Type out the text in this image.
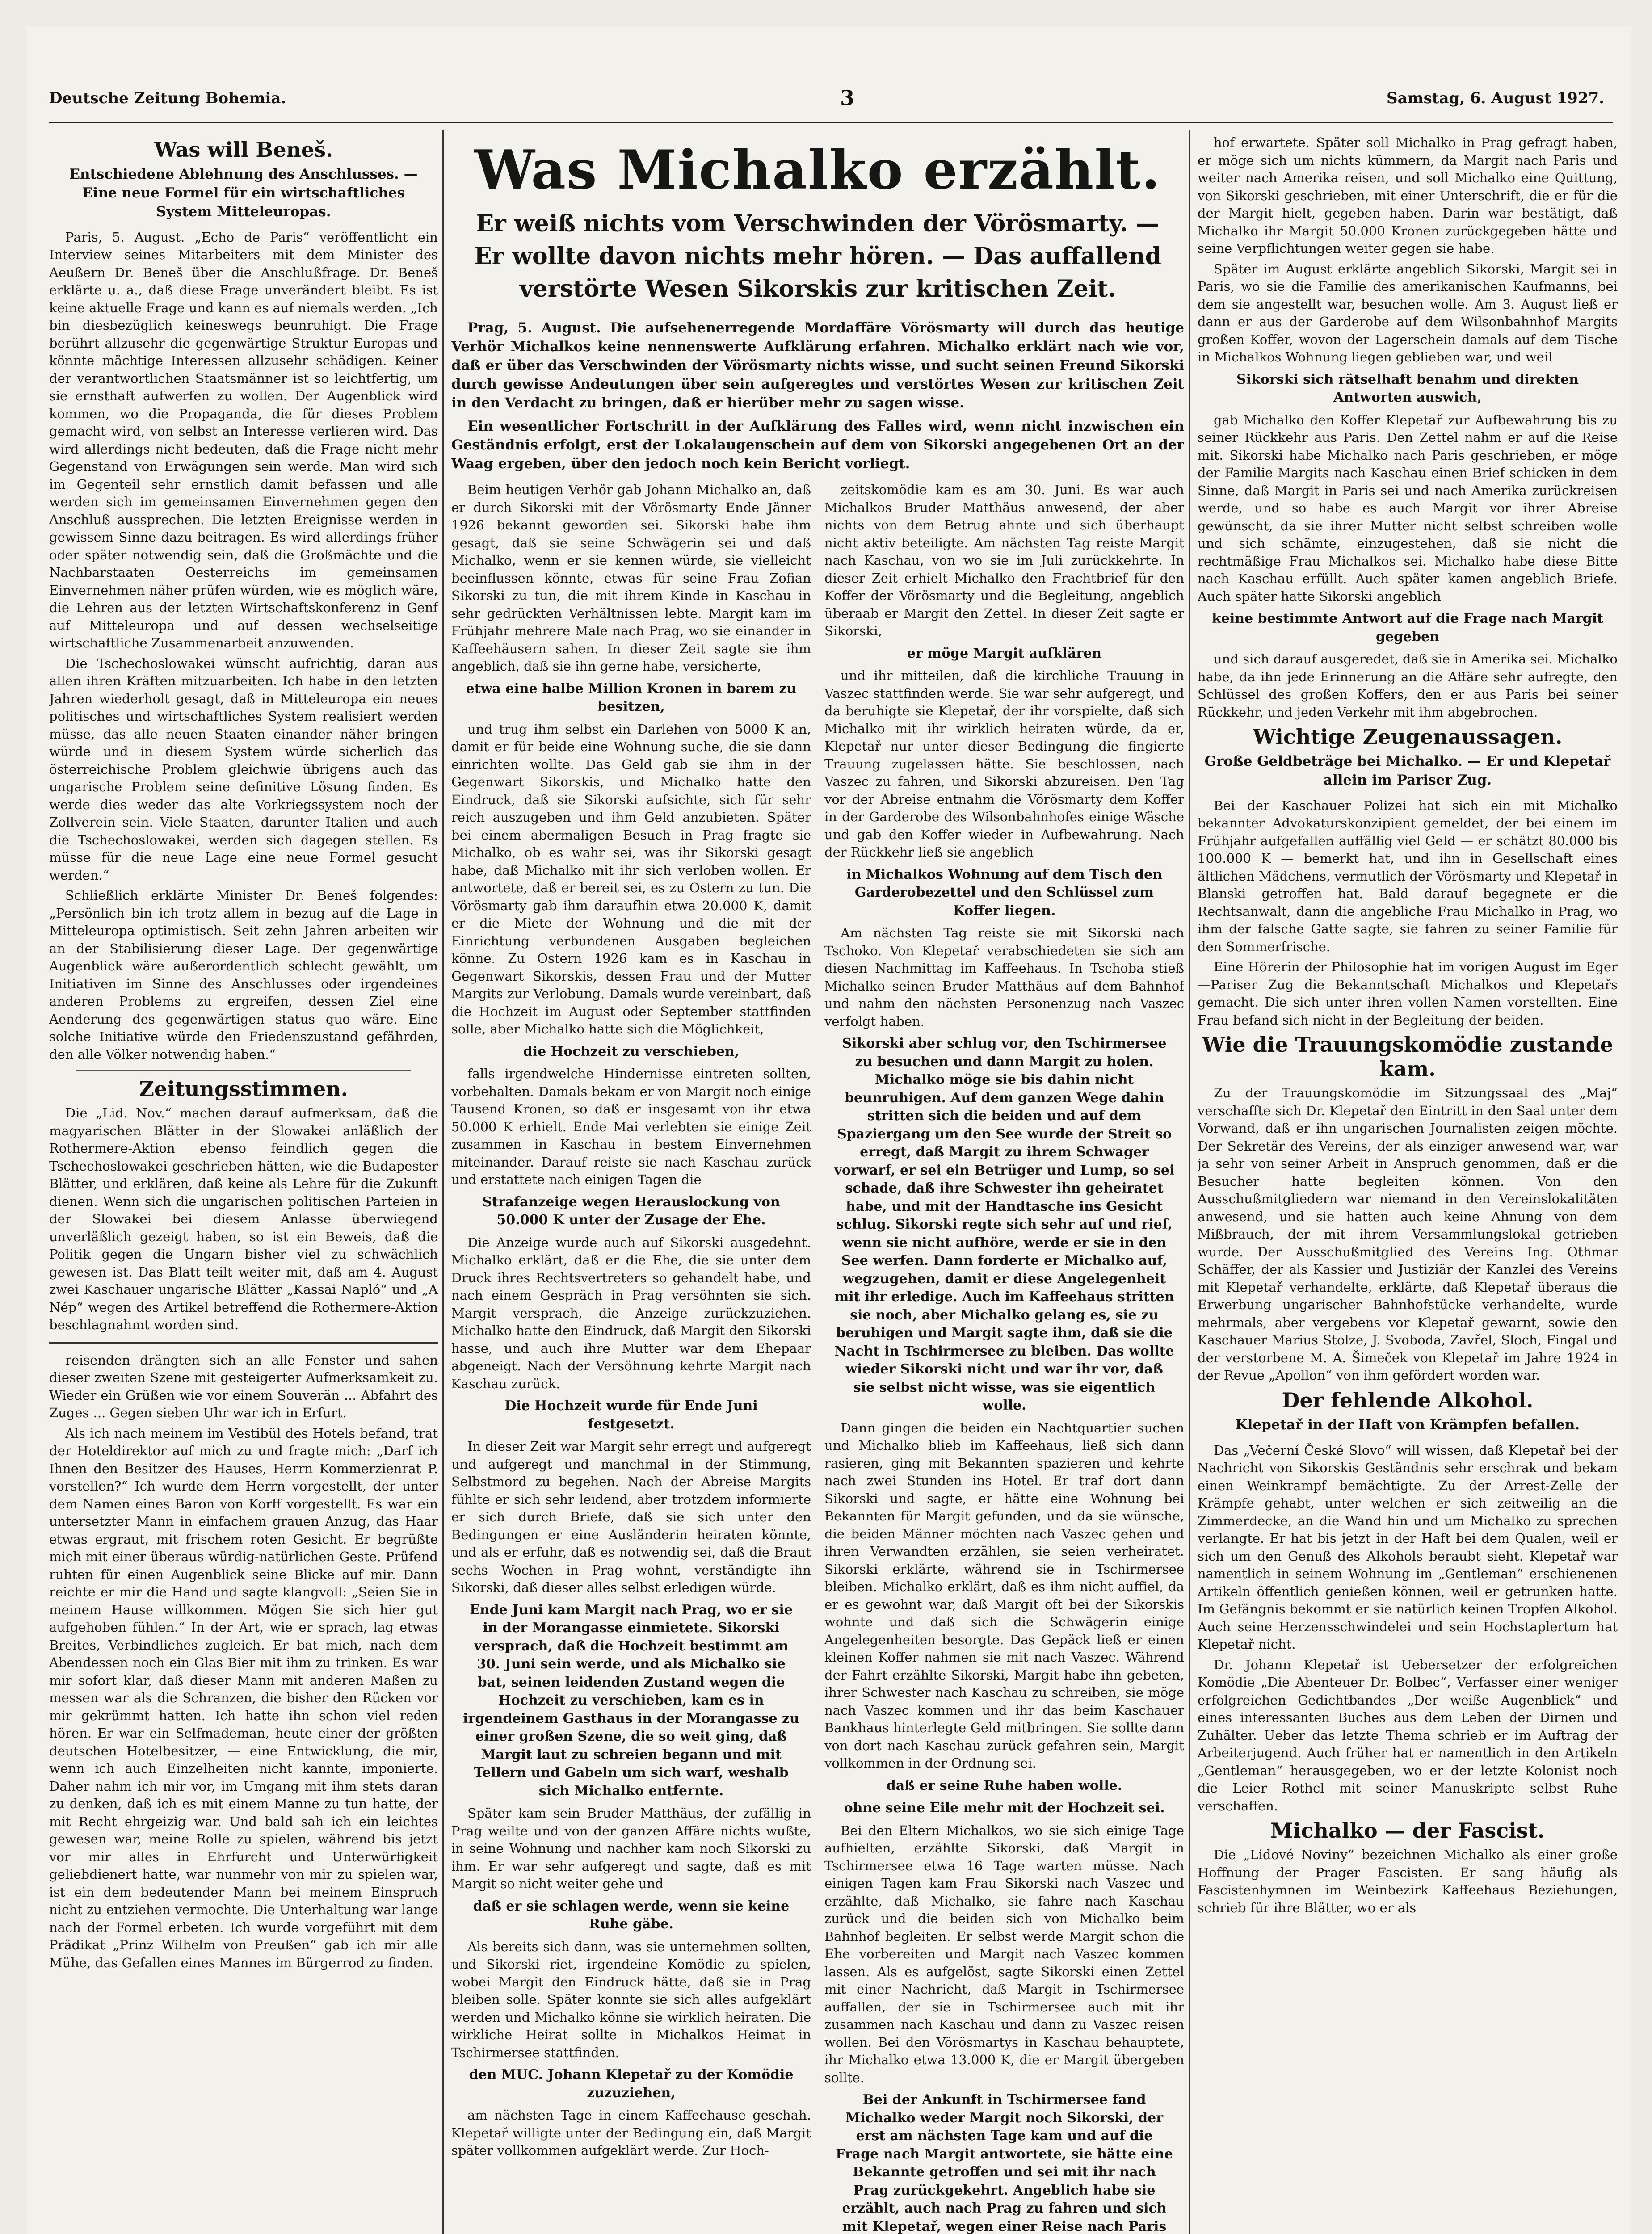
Deutsche Zeitung Bohemia.	3	Samstag, 6. August 1927.
Was will Beneš.
Entschiedene Ablehnung des Anschlusses. — Eine neue Formel für ein wirtschaftliches System Mitteleuropas.

Paris, 5. August. „Echo de Paris“ veröffentlicht ein Interview seines Mitarbeiters mit dem Minister des Aeußern Dr. Beneš über die Anschlußfrage. Dr. Beneš erklärte u. a., daß diese Frage unverändert bleibt. Es ist keine aktuelle Frage und kann es auf niemals werden. „Ich bin diesbezüglich keineswegs beunruhigt. Die Frage berührt allzusehr die gegenwärtige Struktur Europas und könnte mächtige Interessen allzusehr schädigen. Keiner der verantwortlichen Staatsmänner ist so leichtfertig, um sie ernsthaft aufwerfen zu wollen. Der Augenblick wird kommen, wo die Propaganda, die für dieses Problem gemacht wird, von selbst an Interesse verlieren wird. Das wird allerdings nicht bedeuten, daß die Frage nicht mehr Gegenstand von Erwägungen sein werde. Man wird sich im Gegenteil sehr ernstlich damit befassen und alle werden sich im gemeinsamen Einvernehmen gegen den Anschluß aussprechen. Die letzten Ereignisse werden in gewissem Sinne dazu beitragen. Es wird allerdings früher oder später notwendig sein, daß die Großmächte und die Nachbarstaaten Oesterreichs im gemeinsamen Einvernehmen näher prüfen würden, wie es möglich wäre, die Lehren aus der letzten Wirtschaftskonferenz in Genf auf Mitteleuropa und auf dessen wechselseitige wirtschaftliche Zusammenarbeit anzuwenden.

Die Tschechoslowakei wünscht aufrichtig, daran aus allen ihren Kräften mitzuarbeiten. Ich habe in den letzten Jahren wiederholt gesagt, daß in Mitteleuropa ein neues politisches und wirtschaftliches System realisiert werden müsse, das alle neuen Staaten einander näher bringen würde und in diesem System würde sicherlich das österreichische Problem gleichwie übrigens auch das ungarische Problem seine definitive Lösung finden. Es werde dies weder das alte Vorkriegssystem noch der Zollverein sein. Viele Staaten, darunter Italien und auch die Tschechoslowakei, werden sich dagegen stellen. Es müsse für die neue Lage eine neue Formel gesucht werden.“

Schließlich erklärte Minister Dr. Beneš folgendes: „Persönlich bin ich trotz allem in bezug auf die Lage in Mitteleuropa optimistisch. Seit zehn Jahren arbeiten wir an der Stabilisierung dieser Lage. Der gegenwärtige Augenblick wäre außerordentlich schlecht gewählt, um Initiativen im Sinne des Anschlusses oder irgendeines anderen Problems zu ergreifen, dessen Ziel eine Aenderung des gegenwärtigen status quo wäre. Eine solche Initiative würde den Friedenszustand gefährden, den alle Völker notwendig haben.“

Zeitungsstimmen.

Die „Lid. Nov.“ machen darauf aufmerksam, daß die magyarischen Blätter in der Slowakei anläßlich der Rothermere-Aktion ebenso feindlich gegen die Tschechoslowakei geschrieben hätten, wie die Budapester Blätter, und erklären, daß keine als Lehre für die Zukunft dienen. Wenn sich die ungarischen politischen Parteien in der Slowakei bei diesem Anlasse überwiegend unverläßlich gezeigt haben, so ist ein Beweis, daß die Politik gegen die Ungarn bisher viel zu schwächlich gewesen ist. Das Blatt teilt weiter mit, daß am 4. August zwei Kaschauer ungarische Blätter „Kassai Napló“ und „A Nép“ wegen des Artikel betreffend die Rothermere-Aktion beschlagnahmt worden sind.

reisenden drängten sich an alle Fenster und sahen dieser zweiten Szene mit gesteigerter Aufmerksamkeit zu. Wieder ein Grüßen wie vor einem Souverän ... Abfahrt des Zuges ... Gegen sieben Uhr war ich in Erfurt.

Als ich nach meinem im Vestibül des Hotels befand, trat der Hoteldirektor auf mich zu und fragte mich: „Darf ich Ihnen den Besitzer des Hauses, Herrn Kommerzienrat P. vorstellen?“ Ich wurde dem Herrn vorgestellt, der unter dem Namen eines Baron von Korff vorgestellt. Es war ein untersetzter Mann in einfachem grauen Anzug, das Haar etwas ergraut, mit frischem roten Gesicht. Er begrüßte mich mit einer überaus würdig-natürlichen Geste. Prüfend ruhten für einen Augenblick seine Blicke auf mir. Dann reichte er mir die Hand und sagte klangvoll: „Seien Sie in meinem Hause willkommen. Mögen Sie sich hier gut aufgehoben fühlen.“ In der Art, wie er sprach, lag etwas Breites, Verbindliches zugleich. Er bat mich, nach dem Abendessen noch ein Glas Bier mit ihm zu trinken. Es war mir sofort klar, daß dieser Mann mit anderen Maßen zu messen war als die Schranzen, die bisher den Rücken vor mir gekrümmt hatten. Ich hatte ihn schon viel reden hören. Er war ein Selfmademan, heute einer der größten deutschen Hotelbesitzer, — eine Entwicklung, die mir, wenn ich auch Einzelheiten nicht kannte, imponierte. Daher nahm ich mir vor, im Umgang mit ihm stets daran zu denken, daß ich es mit einem Manne zu tun hatte, der mit Recht ehrgeizig war. Und bald sah ich ein leichtes gewesen war, meine Rolle zu spielen, während bis jetzt vor mir alles in Ehrfurcht und Unterwürfigkeit geliebdienert hatte, war nunmehr von mir zu spielen war, ist ein dem bedeutender Mann bei meinem Einspruch nicht zu entziehen vermochte. Die Unterhaltung war lange nach der Formel erbeten. Ich wurde vorgeführt mit dem Prädikat „Prinz Wilhelm von Preußen“ gab ich mir alle Mühe, das Gefallen eines Mannes im Bürgerrod zu finden.

Was Michalko erzählt.
Er weiß nichts vom Verschwinden der Vörösmarty. — Er wollte davon nichts mehr hören. — Das auffallend verstörte Wesen Sikorskis zur kritischen Zeit.

Prag, 5. August. Die aufsehenerregende Mordaffäre Vörösmarty will durch das heutige Verhör Michalkos keine nennenswerte Aufklärung erfahren. Michalko erklärt nach wie vor, daß er über das Verschwinden der Vörösmarty nichts wisse, und sucht seinen Freund Sikorski durch gewisse Andeutungen über sein aufgeregtes und verstörtes Wesen zur kritischen Zeit in den Verdacht zu bringen, daß er hierüber mehr zu sagen wisse.

Ein wesentlicher Fortschritt in der Aufklärung des Falles wird, wenn nicht inzwischen ein Geständnis erfolgt, erst der Lokalaugenschein auf dem von Sikorski angegebenen Ort an der Waag ergeben, über den jedoch noch kein Bericht vorliegt.

Beim heutigen Verhör gab Johann Michalko an, daß er durch Sikorski mit der Vörösmarty Ende Jänner 1926 bekannt geworden sei. Sikorski habe ihm gesagt, daß sie seine Schwägerin sei und daß Michalko, wenn er sie kennen würde, sie vielleicht beeinflussen könnte, etwas für seine Frau Zofian Sikorski zu tun, die mit ihrem Kinde in Kaschau in sehr gedrückten Verhältnissen lebte. Margit kam im Frühjahr mehrere Male nach Prag, wo sie einander in Kaffeehäusern sahen. In dieser Zeit sagte sie ihm angeblich, daß sie ihn gerne habe, versicherte,

etwa eine halbe Million Kronen in barem zu besitzen,

und trug ihm selbst ein Darlehen von 5000 K an, damit er für beide eine Wohnung suche, die sie dann einrichten wollte. Das Geld gab sie ihm in der Gegenwart Sikorskis, und Michalko hatte den Eindruck, daß sie Sikorski aufsichte, sich für sehr reich auszugeben und ihm Geld anzubieten. Später bei einem abermaligen Besuch in Prag fragte sie Michalko, ob es wahr sei, was ihr Sikorski gesagt habe, daß Michalko mit ihr sich verloben wollen. Er antwortete, daß er bereit sei, es zu Ostern zu tun. Die Vörösmarty gab ihm daraufhin etwa 20.000 K, damit er die Miete der Wohnung und die mit der Einrichtung verbundenen Ausgaben begleichen könne. Zu Ostern 1926 kam es in Kaschau in Gegenwart Sikorskis, dessen Frau und der Mutter Margits zur Verlobung. Damals wurde vereinbart, daß die Hochzeit im August oder September stattfinden solle, aber Michalko hatte sich die Möglichkeit,

die Hochzeit zu verschieben,

falls irgendwelche Hindernisse eintreten sollten, vorbehalten. Damals bekam er von Margit noch einige Tausend Kronen, so daß er insgesamt von ihr etwa 50.000 K erhielt. Ende Mai verlebten sie einige Zeit zusammen in Kaschau in bestem Einvernehmen miteinander. Darauf reiste sie nach Kaschau zurück und erstattete nach einigen Tagen die

Strafanzeige wegen Herauslockung von 50.000 K unter der Zusage der Ehe.

Die Anzeige wurde auch auf Sikorski ausgedehnt. Michalko erklärt, daß er die Ehe, die sie unter dem Druck ihres Rechtsvertreters so gehandelt habe, und nach einem Gespräch in Prag versöhnten sie sich. Margit versprach, die Anzeige zurückzuziehen. Michalko hatte den Eindruck, daß Margit den Sikorski hasse, und auch ihre Mutter war dem Ehepaar abgeneigt. Nach der Versöhnung kehrte Margit nach Kaschau zurück.

Die Hochzeit wurde für Ende Juni festgesetzt.

In dieser Zeit war Margit sehr erregt und aufgeregt und aufgeregt und manchmal in der Stimmung, Selbstmord zu begehen. Nach der Abreise Margits fühlte er sich sehr leidend, aber trotzdem informierte er sich durch Briefe, daß sie sich unter den Bedingungen er eine Ausländerin heiraten könnte, und als er erfuhr, daß es notwendig sei, daß die Braut sechs Wochen in Prag wohnt, verständigte ihn Sikorski, daß dieser alles selbst erledigen würde.

Ende Juni kam Margit nach Prag, wo er sie in der Morangasse einmietete. Sikorski versprach, daß die Hochzeit bestimmt am 30. Juni sein werde, und als Michalko sie bat, seinen leidenden Zustand wegen die Hochzeit zu verschieben, kam es in irgendeinem Gasthaus in der Morangasse zu einer großen Szene, die so weit ging, daß Margit laut zu schreien begann und mit Tellern und Gabeln um sich warf, weshalb sich Michalko entfernte.

Später kam sein Bruder Matthäus, der zufällig in Prag weilte und von der ganzen Affäre nichts wußte, in seine Wohnung und nachher kam noch Sikorski zu ihm. Er war sehr aufgeregt und sagte, daß es mit Margit so nicht weiter gehe und

daß er sie schlagen werde, wenn sie keine Ruhe gäbe.

Als bereits sich dann, was sie unternehmen sollten, und Sikorski riet, irgendeine Komödie zu spielen, wobei Margit den Eindruck hätte, daß sie in Prag bleiben solle. Später konnte sie sich alles aufgeklärt werden und Michalko könne sie wirklich heiraten. Die wirkliche Heirat sollte in Michalkos Heimat in Tschirmersee stattfinden.

den MUC. Johann Klepetař zu der Komödie zuzuziehen,

am nächsten Tage in einem Kaffeehause geschah. Klepetař willigte unter der Bedingung ein, daß Margit später vollkommen aufgeklärt werde. Zur Hoch-

zeitskomödie kam es am 30. Juni. Es war auch Michalkos Bruder Matthäus anwesend, der aber nichts von dem Betrug ahnte und sich überhaupt nicht aktiv beteiligte. Am nächsten Tag reiste Margit nach Kaschau, von wo sie im Juli zurückkehrte. In dieser Zeit erhielt Michalko den Frachtbrief für den Koffer der Vörösmarty und die Begleitung, angeblich überaab er Margit den Zettel. In dieser Zeit sagte er Sikorski,

er möge Margit aufklären

und ihr mitteilen, daß die kirchliche Trauung in Vaszec stattfinden werde. Sie war sehr aufgeregt, und da beruhigte sie Klepetař, der ihr vorspielte, daß sich Michalko mit ihr wirklich heiraten würde, da er, Klepetař nur unter dieser Bedingung die fingierte Trauung zugelassen hätte. Sie beschlossen, nach Vaszec zu fahren, und Sikorski abzureisen. Den Tag vor der Abreise entnahm die Vörösmarty dem Koffer in der Garderobe des Wilsonbahnhofes einige Wäsche und gab den Koffer wieder in Aufbewahrung. Nach der Rückkehr ließ sie angeblich

in Michalkos Wohnung auf dem Tisch den Garderobezettel und den Schlüssel zum Koffer liegen.

Am nächsten Tag reiste sie mit Sikorski nach Tschoko. Von Klepetař verabschiedeten sie sich am diesen Nachmittag im Kaffeehaus. In Tschoba stieß Michalko seinen Bruder Matthäus auf dem Bahnhof und nahm den nächsten Personenzug nach Vaszec verfolgt haben.

Sikorski aber schlug vor, den Tschirmersee zu besuchen und dann Margit zu holen. Michalko möge sie bis dahin nicht beunruhigen. Auf dem ganzen Wege dahin stritten sich die beiden und auf dem Spaziergang um den See wurde der Streit so erregt, daß Margit zu ihrem Schwager vorwarf, er sei ein Betrüger und Lump, so sei schade, daß ihre Schwester ihn geheiratet habe, und mit der Handtasche ins Gesicht schlug. Sikorski regte sich sehr auf und rief, wenn sie nicht aufhöre, werde er sie in den See werfen. Dann forderte er Michalko auf, wegzugehen, damit er diese Angelegenheit mit ihr erledige. Auch im Kaffeehaus stritten sie noch, aber Michalko gelang es, sie zu beruhigen und Margit sagte ihm, daß sie die Nacht in Tschirmersee zu bleiben. Das wollte wieder Sikorski nicht und war ihr vor, daß sie selbst nicht wisse, was sie eigentlich wolle.

Dann gingen die beiden ein Nachtquartier suchen und Michalko blieb im Kaffeehaus, ließ sich dann rasieren, ging mit Bekannten spazieren und kehrte nach zwei Stunden ins Hotel. Er traf dort dann Sikorski und sagte, er hätte eine Wohnung bei Bekannten für Margit gefunden, und da sie wünsche, die beiden Männer möchten nach Vaszec gehen und ihren Verwandten erzählen, sie seien verheiratet. Sikorski erklärte, während sie in Tschirmersee bleiben. Michalko erklärt, daß es ihm nicht auffiel, da er es gewohnt war, daß Margit oft bei der Sikorskis wohnte und daß sich die Schwägerin einige Angelegenheiten besorgte. Das Gepäck ließ er einen kleinen Koffer nahmen sie mit nach Vaszec. Während der Fahrt erzählte Sikorski, Margit habe ihn gebeten, ihrer Schwester nach Kaschau zu schreiben, sie möge nach Vaszec kommen und ihr das beim Kaschauer Bankhaus hinterlegte Geld mitbringen. Sie sollte dann von dort nach Kaschau zurück gefahren sein, Margit vollkommen in der Ordnung sei.

daß er seine Ruhe haben wolle.
ohne seine Eile mehr mit der Hochzeit sei.

Bei den Eltern Michalkos, wo sie sich einige Tage aufhielten, erzählte Sikorski, daß Margit in Tschirmersee etwa 16 Tage warten müsse. Nach einigen Tagen kam Frau Sikorski nach Vaszec und erzählte, daß Michalko, sie fahre nach Kaschau zurück und die beiden sich von Michalko beim Bahnhof begleiten. Er selbst werde Margit schon die Ehe vorbereiten und Margit nach Vaszec kommen lassen. Als es aufgelöst, sagte Sikorski einen Zettel mit einer Nachricht, daß Margit in Tschirmersee auffallen, der sie in Tschirmersee auch mit ihr zusammen nach Kaschau und dann zu Vaszec reisen wollen. Bei den Vörösmartys in Kaschau behauptete, ihr Michalko etwa 13.000 K, die er Margit übergeben sollte.

Bei der Ankunft in Tschirmersee fand Michalko weder Margit noch Sikorski, der erst am nächsten Tage kam und auf die Frage nach Margit antwortete, sie hätte eine Bekannte getroffen und sei mit ihr nach Prag zurückgekehrt. Angeblich habe sie erzählt, auch nach Prag zu fahren und sich mit Klepetař, wegen einer Reise nach Paris

hof erwartete. Später soll Michalko in Prag gefragt haben, er möge sich um nichts kümmern, da Margit nach Paris und weiter nach Amerika reisen, und soll Michalko eine Quittung, von Sikorski geschrieben, mit einer Unterschrift, die er für die der Margit hielt, gegeben haben. Darin war bestätigt, daß Michalko ihr Margit 50.000 Kronen zurückgegeben hätte und seine Verpflichtungen weiter gegen sie habe.

Später im August erklärte angeblich Sikorski, Margit sei in Paris, wo sie die Familie des amerikanischen Kaufmanns, bei dem sie angestellt war, besuchen wolle. Am 3. August ließ er dann er aus der Garderobe auf dem Wilsonbahnhof Margits großen Koffer, wovon der Lagerschein damals auf dem Tische in Michalkos Wohnung liegen geblieben war, und weil

Sikorski sich rätselhaft benahm und direkten Antworten auswich,

gab Michalko den Koffer Klepetař zur Aufbewahrung bis zu seiner Rückkehr aus Paris. Den Zettel nahm er auf die Reise mit. Sikorski habe Michalko nach Paris geschrieben, er möge der Familie Margits nach Kaschau einen Brief schicken in dem Sinne, daß Margit in Paris sei und nach Amerika zurückreisen werde, und so habe es auch Margit vor ihrer Abreise gewünscht, da sie ihrer Mutter nicht selbst schreiben wolle und sich schämte, einzugestehen, daß sie nicht die rechtmäßige Frau Michalkos sei. Michalko habe diese Bitte nach Kaschau erfüllt. Auch später kamen angeblich Briefe. Auch später hatte Sikorski angeblich

keine bestimmte Antwort auf die Frage nach Margit gegeben

und sich darauf ausgeredet, daß sie in Amerika sei. Michalko habe, da ihn jede Erinnerung an die Affäre sehr aufregte, den Schlüssel des großen Koffers, den er aus Paris bei seiner Rückkehr, und jeden Verkehr mit ihm abgebrochen.

Wichtige Zeugenaussagen.
Große Geldbeträge bei Michalko. — Er und Klepetař allein im Pariser Zug.

Bei der Kaschauer Polizei hat sich ein mit Michalko bekannter Advokaturskonzipient gemeldet, der bei einem im Frühjahr aufgefallen auffällig viel Geld — er schätzt 80.000 bis 100.000 K — bemerkt hat, und ihn in Gesellschaft eines ältlichen Mädchens, vermutlich der Vörösmarty und Klepetař in Blanski getroffen hat. Bald darauf begegnete er die Rechtsanwalt, dann die angebliche Frau Michalko in Prag, wo ihm der falsche Gatte sagte, sie fahren zu seiner Familie für den Sommerfrische.

Eine Hörerin der Philosophie hat im vorigen August im Eger—Pariser Zug die Bekanntschaft Michalkos und Klepetařs gemacht. Die sich unter ihren vollen Namen vorstellten. Eine Frau befand sich nicht in der Begleitung der beiden.

Wie die Trauungskomödie zustande kam.

Zu der Trauungskomödie im Sitzungssaal des „Maj“ verschaffte sich Dr. Klepetař den Eintritt in den Saal unter dem Vorwand, daß er ihn ungarischen Journalisten zeigen möchte. Der Sekretär des Vereins, der als einziger anwesend war, war ja sehr von seiner Arbeit in Anspruch genommen, daß er die Besucher hatte begleiten können. Von den Ausschußmitgliedern war niemand in den Vereinslokalitäten anwesend, und sie hatten auch keine Ahnung von dem Mißbrauch, der mit ihrem Versammlungslokal getrieben wurde. Der Ausschußmitglied des Vereins Ing. Othmar Schäffer, der als Kassier und Justiziär der Kanzlei des Vereins mit Klepetař verhandelte, erklärte, daß Klepetař überaus die Erwerbung ungarischer Bahnhofstücke verhandelte, wurde mehrmals, aber vergebens vor Klepetař gewarnt, sowie den Kaschauer Marius Stolze, J. Svoboda, Zavřel, Sloch, Fingal und der verstorbene M. A. Šimeček von Klepetař im Jahre 1924 in der Revue „Apollon“ von ihm gefördert worden war.

Der fehlende Alkohol.
Klepetař in der Haft von Krämpfen befallen.

Das „Večerní České Slovo“ will wissen, daß Klepetař bei der Nachricht von Sikorskis Geständnis sehr erschrak und bekam einen Weinkrampf bemächtigte. Zu der Arrest-Zelle der Krämpfe gehabt, unter welchen er sich zeitweilig an die Zimmerdecke, an die Wand hin und um Michalko zu sprechen verlangte. Er hat bis jetzt in der Haft bei dem Qualen, weil er sich um den Genuß des Alkohols beraubt sieht. Klepetař war namentlich in seinem Wohnung im „Gentleman“ erschienenen Artikeln öffentlich genießen können, weil er getrunken hatte. Im Gefängnis bekommt er sie natürlich keinen Tropfen Alkohol. Auch seine Herzensschwindelei und sein Hochstaplertum hat Klepetař nicht.

Dr. Johann Klepetař ist Uebersetzer der erfolgreichen Komödie „Die Abenteuer Dr. Bolbec“, Verfasser einer weniger erfolgreichen Gedichtbandes „Der weiße Augenblick“ und eines interessanten Buches aus dem Leben der Dirnen und Zuhälter. Ueber das letzte Thema schrieb er im Auftrag der Arbeiterjugend. Auch früher hat er namentlich in den Artikeln „Gentleman“ herausgegeben, wo er der letzte Kolonist noch die Leier Rothcl mit seiner Manuskripte selbst Ruhe verschaffen.

Michalko — der Fascist.

Die „Lidové Noviny“ bezeichnen Michalko als einer große Hoffnung der Prager Fascisten. Er sang häufig als Fascistenhymnen im Weinbezirk Kaffeehaus Beziehungen, schrieb für ihre Blätter, wo er als
